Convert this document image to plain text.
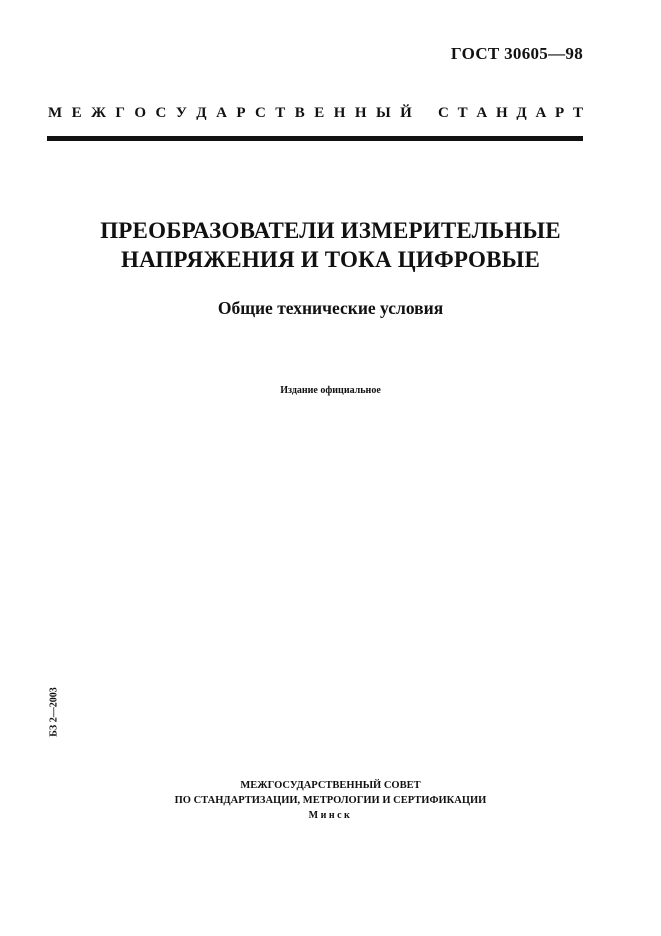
ГОСТ 30605—98
М Е Ж Г О С У Д А Р С Т В Е Н Н Ы Й С Т А Н Д А Р Т
ПРЕОБРАЗОВАТЕЛИ ИЗМЕРИТЕЛЬНЫЕ
НАПРЯЖЕНИЯ И ТОКА ЦИФРОВЫЕ
Общие технические условия
Издание официальное
БЗ 2—2003
МЕЖГОСУДАРСТВЕННЫЙ СОВЕТ
ПО СТАНДАРТИЗАЦИИ, МЕТРОЛОГИИ И СЕРТИФИКАЦИИ
Минск
